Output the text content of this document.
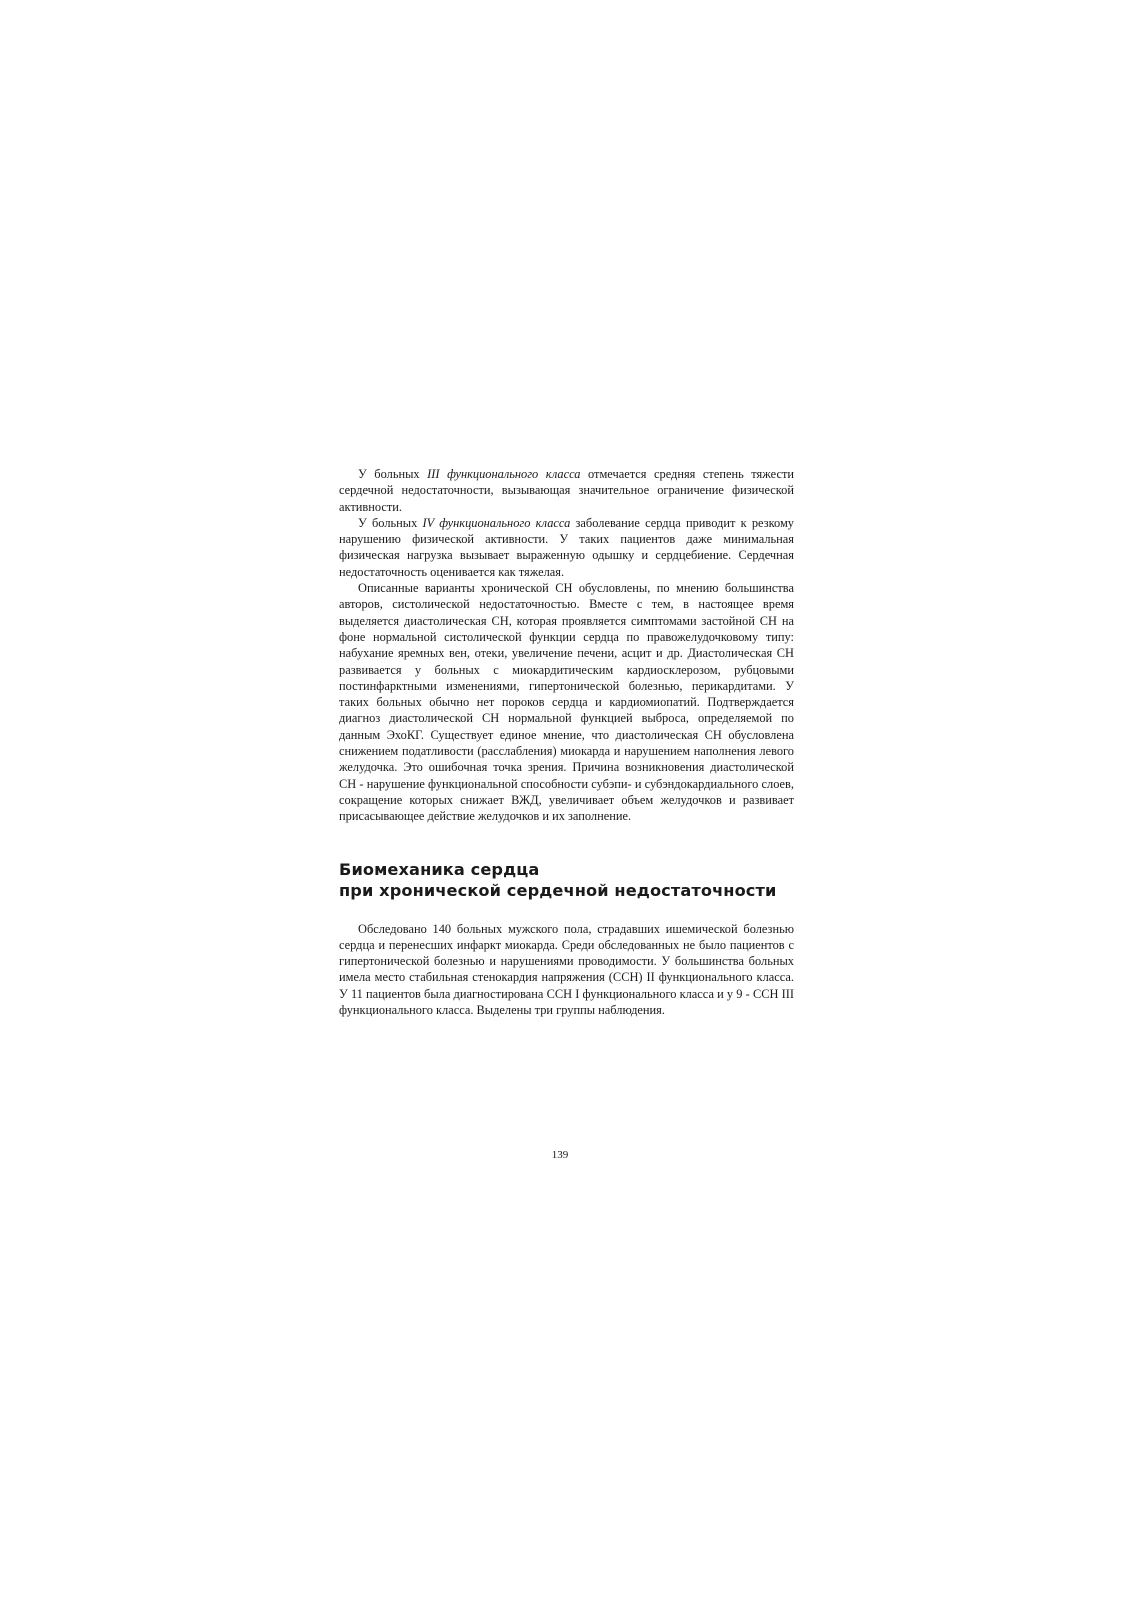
У больных III функционального класса отмечается средняя степень тяжести сердечной недостаточности, вызывающая значительное ограничение физической активности.

У больных IV функционального класса заболевание сердца приводит к резкому нарушению физической активности. У таких пациентов даже минимальная физическая нагрузка вызывает выраженную одышку и сердцебиение. Сердечная недостаточность оценивается как тяжелая.

Описанные варианты хронической СН обусловлены, по мнению большинства авторов, систолической недостаточностью. Вместе с тем, в настоящее время выделяется диастолическая СН, которая проявляется симптомами застойной СН на фоне нормальной систолической функции сердца по правожелудочковому типу: набухание яремных вен, отеки, увеличение печени, асцит и др. Диастолическая СН развивается у больных с миокардитическим кардиосклерозом, рубцовыми постинфарктными изменениями, гипертонической болезнью, перикардитами. У таких больных обычно нет пороков сердца и кардиомиопатий. Подтверждается диагноз диастолической СН нормальной функцией выброса, определяемой по данным ЭхоКГ. Существует единое мнение, что диастолическая СН обусловлена снижением податливости (расслабления) миокарда и нарушением наполнения левого желудочка. Это ошибочная точка зрения. Причина возникновения диастолической СН - нарушение функциональной способности субэпи- и субэндокардиального слоев, сокращение которых снижает ВЖД, увеличивает объем желудочков и развивает присасывающее действие желудочков и их заполнение.

Биомеханика сердца
при хронической сердечной недостаточности

Обследовано 140 больных мужского пола, страдавших ишемической болезнью сердца и перенесших инфаркт миокарда. Среди обследованных не было пациентов с гипертонической болезнью и нарушениями проводимости. У большинства больных имела место стабильная стенокардия напряжения (ССН) II функционального класса. У 11 пациентов была диагностирована ССН I функционального класса и у 9 - ССН III функционального класса. Выделены три группы наблюдения.

139
